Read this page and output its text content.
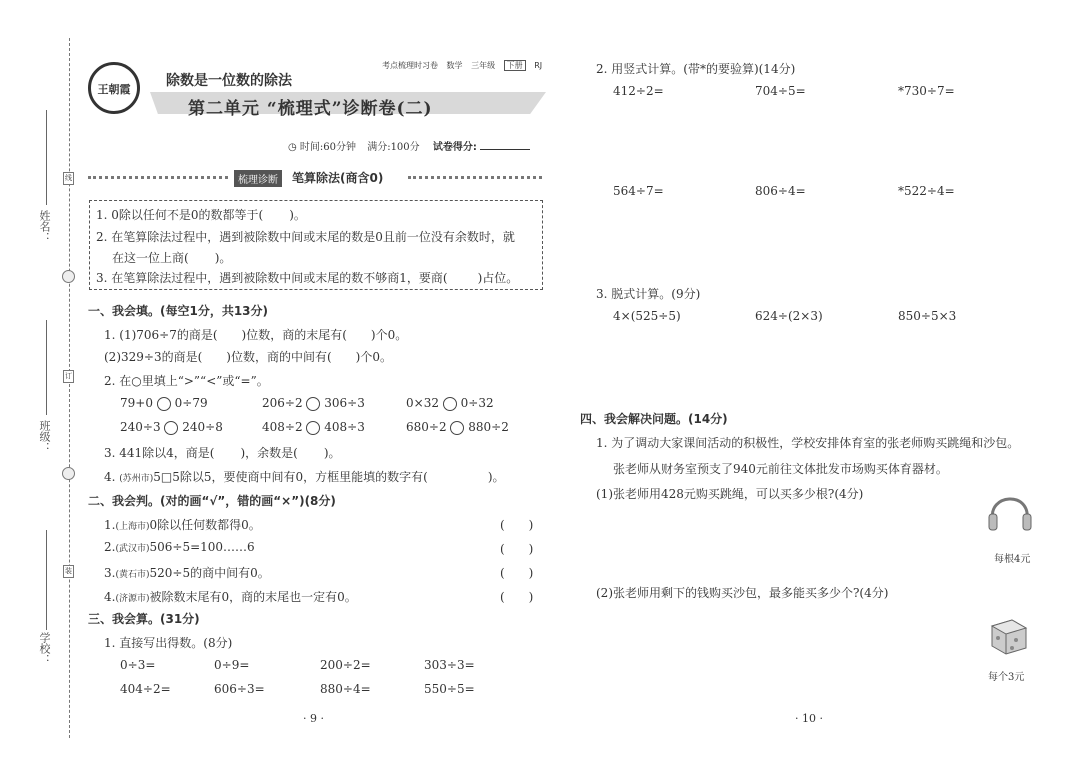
姓名：
班级：
学校：
线
订
装
王朝霞
考点梳理时习卷 数学 三年级 下册 RJ
除数是一位数的除法
第二单元 “梳理式”诊断卷(二)
◷ 时间:60分钟 满分:100分 试卷得分:
梳理诊断	笔算除法(商含0)
1. 0除以任何不是0的数都等于( )。
2. 在笔算除法过程中，遇到被除数中间或末尾的数是0且前一位没有余数时，就
在这一位上商( )。
3. 在笔算除法过程中，遇到被除数中间或末尾的数不够商1，要商(	)占位。
一、我会填。(每空1分，共13分)
1. (1)706÷7的商是( )位数，商的末尾有( )个0。
(2)329÷3的商是( )位数，商的中间有( )个0。
2. 在○里填上“>”“<”或“=”。
79+0 0÷79	206÷2 306÷3	0×32 0÷32
240÷3 240÷8	408÷2 408÷3	680÷2 880÷2
3. 441除以4，商是( )，余数是( )。
4. (苏州市)5□5除以5，要使商中间有0，方框里能填的数字有(	)。
二、我会判。(对的画“√”，错的画“×”)(8分)
1.(上海市)0除以任何数都得0。	(　　)
2.(武汉市)506÷5=100……6	(　　)
3.(黄石市)520÷5的商中间有0。	(　　)
4.(济源市)被除数末尾有0，商的末尾也一定有0。	(　　)
三、我会算。(31分)
1. 直接写出得数。(8分)
0÷3=	0÷9=	200÷2=	303÷3=
404÷2=	606÷3=	880÷4=	550÷5=
· 9 ·
2. 用竖式计算。(带*的要验算)(14分)
412÷2=	704÷5=	*730÷7=
564÷7=	806÷4=	*522÷4=
3. 脱式计算。(9分)
4×(525÷5)	624÷(2×3)	850÷5×3
四、我会解决问题。(14分)
1. 为了调动大家课间活动的积极性，学校安排体育室的张老师购买跳绳和沙包。
张老师从财务室预支了940元前往文体批发市场购买体育器材。
(1)张老师用428元购买跳绳，可以买多少根?(4分)
每根4元
(2)张老师用剩下的钱购买沙包，最多能买多少个?(4分)
每个3元
· 10 ·
